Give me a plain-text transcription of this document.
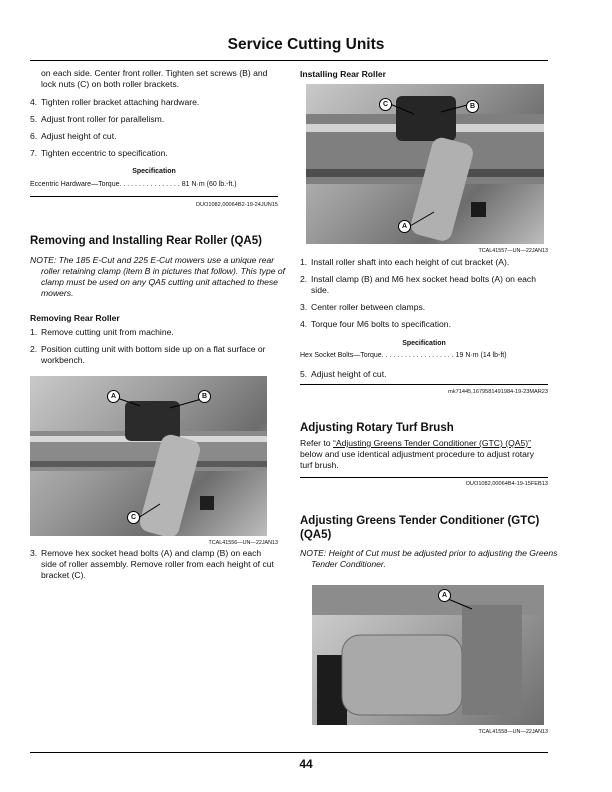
Service Cutting Units
on each side. Center front roller. Tighten set screws (B) and lock nuts (C) on both roller brackets.
4. Tighten roller bracket attaching hardware.
5. Adjust front roller for parallelism.
6. Adjust height of cut.
7. Tighten eccentric to specification.
Specification
Eccentric Hardware—Torque. . . . . . . . . . . . . . . . 81 N·m (60 lb.-ft.)
OUO1082,00064B2-19-24JUN15
Removing and Installing Rear Roller (QA5)
NOTE: The 185 E-Cut and 225 E-Cut mowers use a unique rear roller retaining clamp (item B in pictures that follow). This type of clamp must be used on any QA5 cutting unit attached to these mowers.
Removing Rear Roller
1. Remove cutting unit from machine.
2. Position cutting unit with bottom side up on a flat surface or workbench.
A	B
C
TCAL41556—UN—22JAN13
3. Remove hex socket head bolts (A) and clamp (B) on each side of roller assembly. Remove roller from each height of cut bracket (C).
Installing Rear Roller
C	B
A
TCAL41557—UN—22JAN13
1. Install roller shaft into each height of cut bracket (A).
2. Install clamp (B) and M6 hex socket head bolts (A) on each side.
3. Center roller between clamps.
4. Torque four M6 bolts to specification.
Specification
Hex Socket Bolts—Torque. . . . . . . . . . . . . . . . . . . 19 N·m (14 lb-ft)
5. Adjust height of cut.
mk71445,1679581491984-19-23MAR23
Adjusting Rotary Turf Brush
Refer to “Adjusting Greens Tender Conditioner (GTC) (QA5)” below and use identical adjustment procedure to adjust rotary turf brush.
OUO1082,00064B4-19-15FEB13
Adjusting Greens Tender Conditioner (GTC) (QA5)
NOTE: Height of Cut must be adjusted prior to adjusting the Greens Tender Conditioner.
A
TCAL41558—UN—22JAN13
44
